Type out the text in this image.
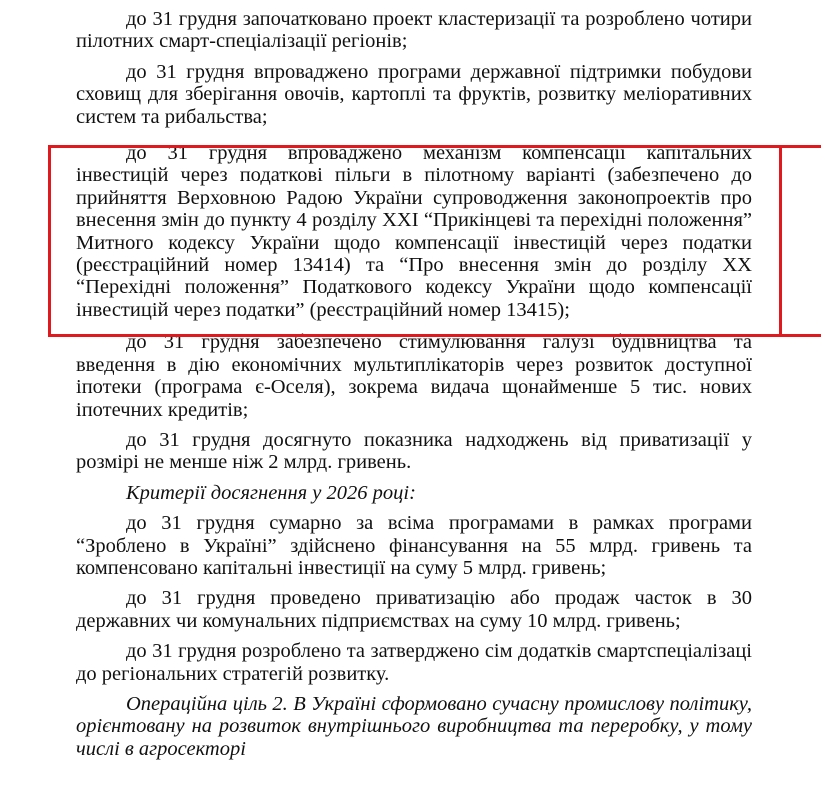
до 31 грудня започатковано проект кластеризації та розроблено чотири пілотних смарт-спеціалізації регіонів;

до 31 грудня впроваджено програми державної підтримки побудови сховищ для зберігання овочів, картоплі та фруктів, розвитку меліоративних систем та рибальства;

до 31 грудня впроваджено механізм компенсації капітальних інвестицій через податкові пільги в пілотному варіанті (забезпечено до прийняття Верховною Радою України супроводження законопроектів про внесення змін до пункту 4 розділу XXI “Прикінцеві та перехідні положення” Митного кодексу України щодо компенсації інвестицій через податки (реєстраційний номер 13414) та “Про внесення змін до розділу XX “Перехідні положення” Податкового кодексу України щодо компенсації інвестицій через податки” (реєстраційний номер 13415);

до 31 грудня забезпечено стимулювання галузі будівництва та введення в дію економічних мультиплікаторів через розвиток доступної іпотеки (програма є-Оселя), зокрема видача щонайменше 5 тис. нових іпотечних кредитів;

до 31 грудня досягнуто показника надходжень від приватизації у розмірі не менше ніж 2 млрд. гривень.

Критерії досягнення у 2026 році:

до 31 грудня сумарно за всіма програмами в рамках програми “Зроблено в Україні” здійснено фінансування на 55 млрд. гривень та компенсовано капітальні інвестиції на суму 5 млрд. гривень;

до 31 грудня проведено приватизацію або продаж часток в 30 державних чи комунальних підприємствах на суму 10 млрд. гривень;

до 31 грудня розроблено та затверджено сім додатків смартспеціалізаці до регіональних стратегій розвитку.

Операційна ціль 2. В Україні сформовано сучасну промислову політику, орієнтовану на розвиток внутрішнього виробництва та переробку, у тому числі в агросекторі
